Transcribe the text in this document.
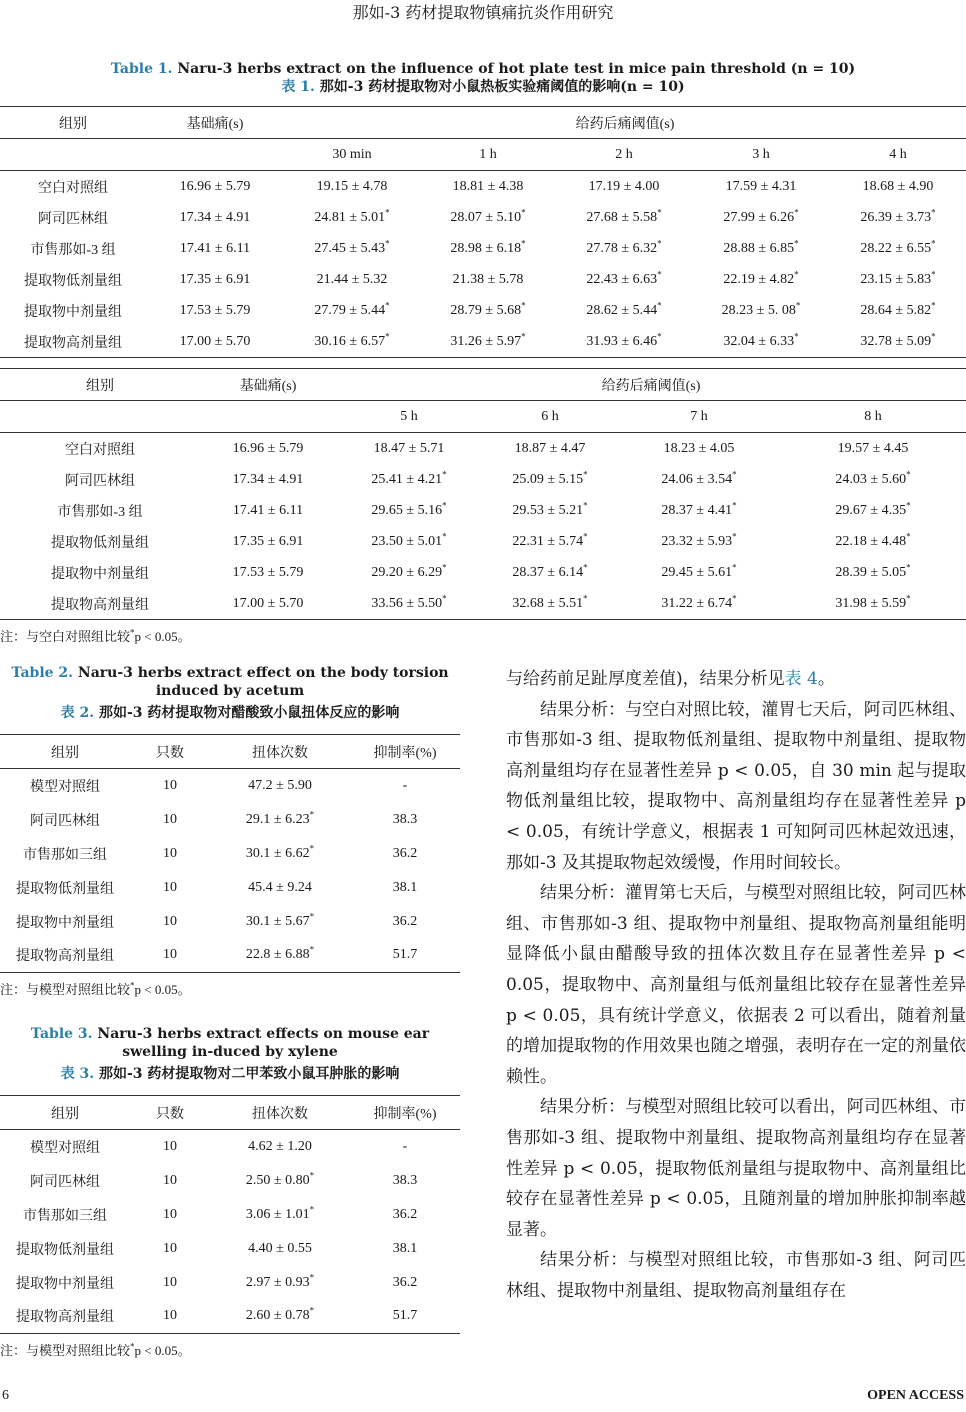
那如-3 药材提取物镇痛抗炎作用研究
Table 1. Naru-3 herbs extract on the influence of hot plate test in mice pain threshold (n = 10)
表 1. 那如-3 药材提取物对小鼠热板实验痛阈值的影响(n = 10)
组别	基础痛(s)	给药后痛阈值(s)				
		30 min	1 h	2 h	3 h	4 h
空白对照组	16.96 ± 5.79	19.15 ± 4.78	18.81 ± 4.38	17.19 ± 4.00	17.59 ± 4.31	18.68 ± 4.90
阿司匹林组	17.34 ± 4.91	24.81 ± 5.01*	28.07 ± 5.10*	27.68 ± 5.58*	27.99 ± 6.26*	26.39 ± 3.73*
市售那如-3 组	17.41 ± 6.11	27.45 ± 5.43*	28.98 ± 6.18*	27.78 ± 6.32*	28.88 ± 6.85*	28.22 ± 6.55*
提取物低剂量组	17.35 ± 6.91	21.44 ± 5.32	21.38 ± 5.78	22.43 ± 6.63*	22.19 ± 4.82*	23.15 ± 5.83*
提取物中剂量组	17.53 ± 5.79	27.79 ± 5.44*	28.79 ± 5.68*	28.62 ± 5.44*	28.23 ± 5. 08*	28.64 ± 5.82*
提取物高剂量组	17.00 ± 5.70	30.16 ± 6.57*	31.26 ± 5.97*	31.93 ± 6.46*	32.04 ± 6.33*	32.78 ± 5.09*
组别	基础痛(s)	给药后痛阈值(s)			
		5 h	6 h	7 h	8 h
空白对照组	16.96 ± 5.79	18.47 ± 5.71	18.87 ± 4.47	18.23 ± 4.05	19.57 ± 4.45
阿司匹林组	17.34 ± 4.91	25.41 ± 4.21*	25.09 ± 5.15*	24.06 ± 3.54*	24.03 ± 5.60*
市售那如-3 组	17.41 ± 6.11	29.65 ± 5.16*	29.53 ± 5.21*	28.37 ± 4.41*	29.67 ± 4.35*
提取物低剂量组	17.35 ± 6.91	23.50 ± 5.01*	22.31 ± 5.74*	23.32 ± 5.93*	22.18 ± 4.48*
提取物中剂量组	17.53 ± 5.79	29.20 ± 6.29*	28.37 ± 6.14*	29.45 ± 5.61*	28.39 ± 5.05*
提取物高剂量组	17.00 ± 5.70	33.56 ± 5.50*	32.68 ± 5.51*	31.22 ± 6.74*	31.98 ± 5.59*
注：与空白对照组比较*p < 0.05。
Table 2. Naru-3 herbs extract effect on the body torsion induced by acetum
表 2. 那如-3 药材提取物对醋酸致小鼠扭体反应的影响
组别	只数	扭体次数	抑制率(%)
模型对照组	10	47.2 ± 5.90	-
阿司匹林组	10	29.1 ± 6.23*	38.3
市售那如三组	10	30.1 ± 6.62*	36.2
提取物低剂量组	10	45.4 ± 9.24	38.1
提取物中剂量组	10	30.1 ± 5.67*	36.2
提取物高剂量组	10	22.8 ± 6.88*	51.7
注：与模型对照组比较*p < 0.05。
Table 3. Naru-3 herbs extract effects on mouse ear swelling in-duced by xylene
表 3. 那如-3 药材提取物对二甲苯致小鼠耳肿胀的影响
组别	只数	扭体次数	抑制率(%)
模型对照组	10	4.62 ± 1.20	-
阿司匹林组	10	2.50 ± 0.80*	38.3
市售那如三组	10	3.06 ± 1.01*	36.2
提取物低剂量组	10	4.40 ± 0.55	38.1
提取物中剂量组	10	2.97 ± 0.93*	36.2
提取物高剂量组	10	2.60 ± 0.78*	51.7
注：与模型对照组比较*p < 0.05。

与给药前足趾厚度差值)，结果分析见表 4。

结果分析：与空白对照比较，灌胃七天后，阿司匹林组、市售那如-3 组、提取物低剂量组、提取物中剂量组、提取物高剂量组均存在显著性差异 p < 0.05，自 30 min 起与提取物低剂量组比较，提取物中、高剂量组均存在显著性差异 p < 0.05，有统计学意义，根据表 1 可知阿司匹林起效迅速，那如-3 及其提取物起效缓慢，作用时间较长。

结果分析：灌胃第七天后，与模型对照组比较，阿司匹林组、市售那如-3 组、提取物中剂量组、提取物高剂量组能明显降低小鼠由醋酸导致的扭体次数且存在显著性差异 p < 0.05，提取物中、高剂量组与低剂量组比较存在显著性差异 p < 0.05，具有统计学意义，依据表 2 可以看出，随着剂量的增加提取物的作用效果也随之增强，表明存在一定的剂量依赖性。

结果分析：与模型对照组比较可以看出，阿司匹林组、市售那如-3 组、提取物中剂量组、提取物高剂量组均存在显著性差异 p < 0.05，提取物低剂量组与提取物中、高剂量组比较存在显著性差异 p < 0.05，且随剂量的增加肿胀抑制率越显著。

结果分析：与模型对照组比较，市售那如-3 组、阿司匹林组、提取物中剂量组、提取物高剂量组存在

6	OPEN ACCESS
